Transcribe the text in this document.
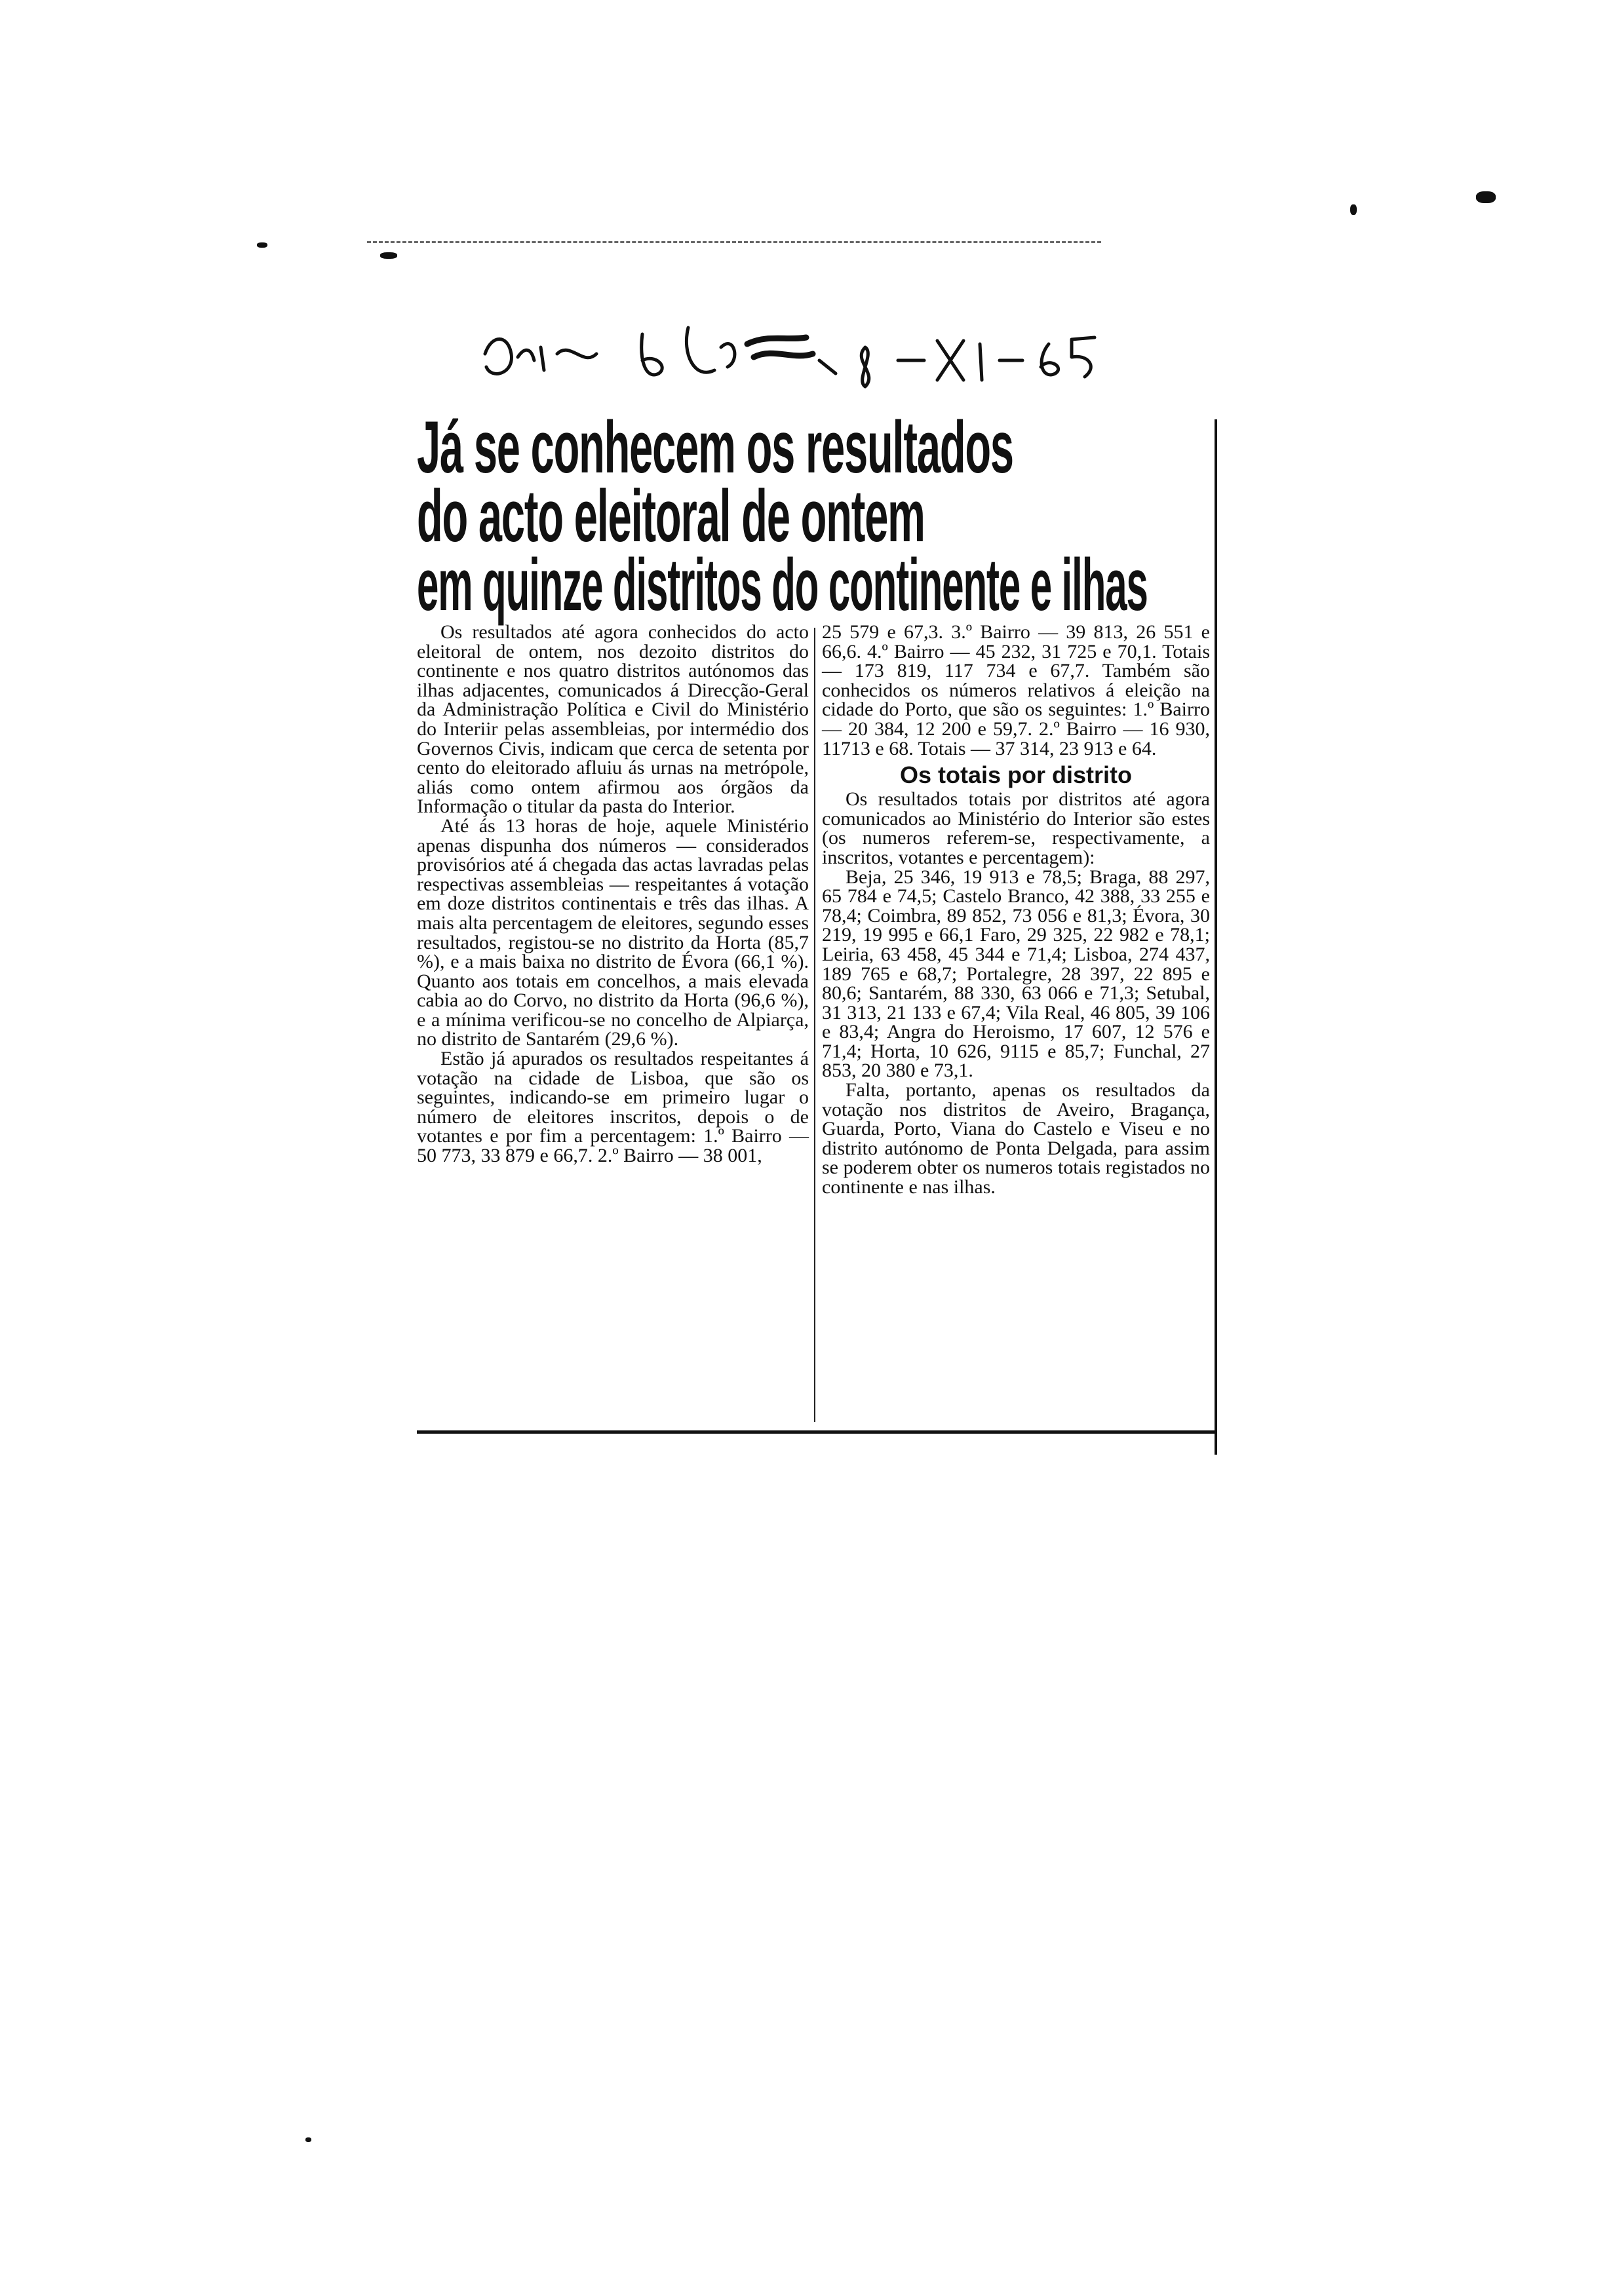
Já se conhecem os resultados
do acto eleitoral de ontem
em quinze distritos do continente e ilhas

Os resultados até agora conhecidos do acto eleitoral de ontem, nos dezoito distritos do continente e nos quatro distritos autónomos das ilhas adjacentes, comunicados á Direcção-Geral da Administração Política e Civil do Ministério do Interiir pelas assembleias, por intermédio dos Governos Civis, indicam que cerca de setenta por cento do eleitorado afluiu ás urnas na metrópole, aliás como ontem afirmou aos órgãos da Informação o titular da pasta do Interior.

Até ás 13 horas de hoje, aquele Ministério apenas dispunha dos números — considerados provisórios até á chegada das actas lavradas pelas respectivas assembleias — respeitantes á votação em doze distritos continentais e três das ilhas. A mais alta percentagem de eleitores, segundo esses resultados, registou-se no distrito da Horta (85,7 %), e a mais baixa no distrito de Évora (66,1 %). Quanto aos totais em concelhos, a mais elevada cabia ao do Corvo, no distrito da Horta (96,6 %), e a mínima verificou-se no concelho de Alpiarça, no distrito de Santarém (29,6 %).

Estão já apurados os resultados respeitantes á votação na cidade de Lisboa, que são os seguintes, indicando-se em primeiro lugar o número de eleitores inscritos, depois o de votantes e por fim a percentagem: 1.º Bairro — 50 773, 33 879 e 66,7. 2.º Bairro — 38 001,

25 579 e 67,3. 3.º Bairro — 39 813, 26 551 e 66,6. 4.º Bairro — 45 232, 31 725 e 70,1. Totais — 173 819, 117 734 e 67,7. Também são conhecidos os números relativos á eleição na cidade do Porto, que são os seguintes: 1.º Bairro — 20 384, 12 200 e 59,7. 2.º Bairro — 16 930, 11713 e 68. Totais — 37 314, 23 913 e 64.

Os totais por distrito

Os resultados totais por distritos até agora comunicados ao Ministério do Interior são estes (os numeros referem-se, respectivamente, a inscritos, votantes e percentagem):

Beja, 25 346, 19 913 e 78,5; Braga, 88 297, 65 784 e 74,5; Castelo Branco, 42 388, 33 255 e 78,4; Coimbra, 89 852, 73 056 e 81,3; Évora, 30 219, 19 995 e 66,1 Faro, 29 325, 22 982 e 78,1; Leiria, 63 458, 45 344 e 71,4; Lisboa, 274 437, 189 765 e 68,7; Portalegre, 28 397, 22 895 e 80,6; Santarém, 88 330, 63 066 e 71,3; Setubal, 31 313, 21 133 e 67,4; Vila Real, 46 805, 39 106 e 83,4; Angra do Heroismo, 17 607, 12 576 e 71,4; Horta, 10 626, 9115 e 85,7; Funchal, 27 853, 20 380 e 73,1.

Falta, portanto, apenas os resultados da votação nos distritos de Aveiro, Bragança, Guarda, Porto, Viana do Castelo e Viseu e no distrito autónomo de Ponta Delgada, para assim se poderem obter os numeros totais registados no continente e nas ilhas.
